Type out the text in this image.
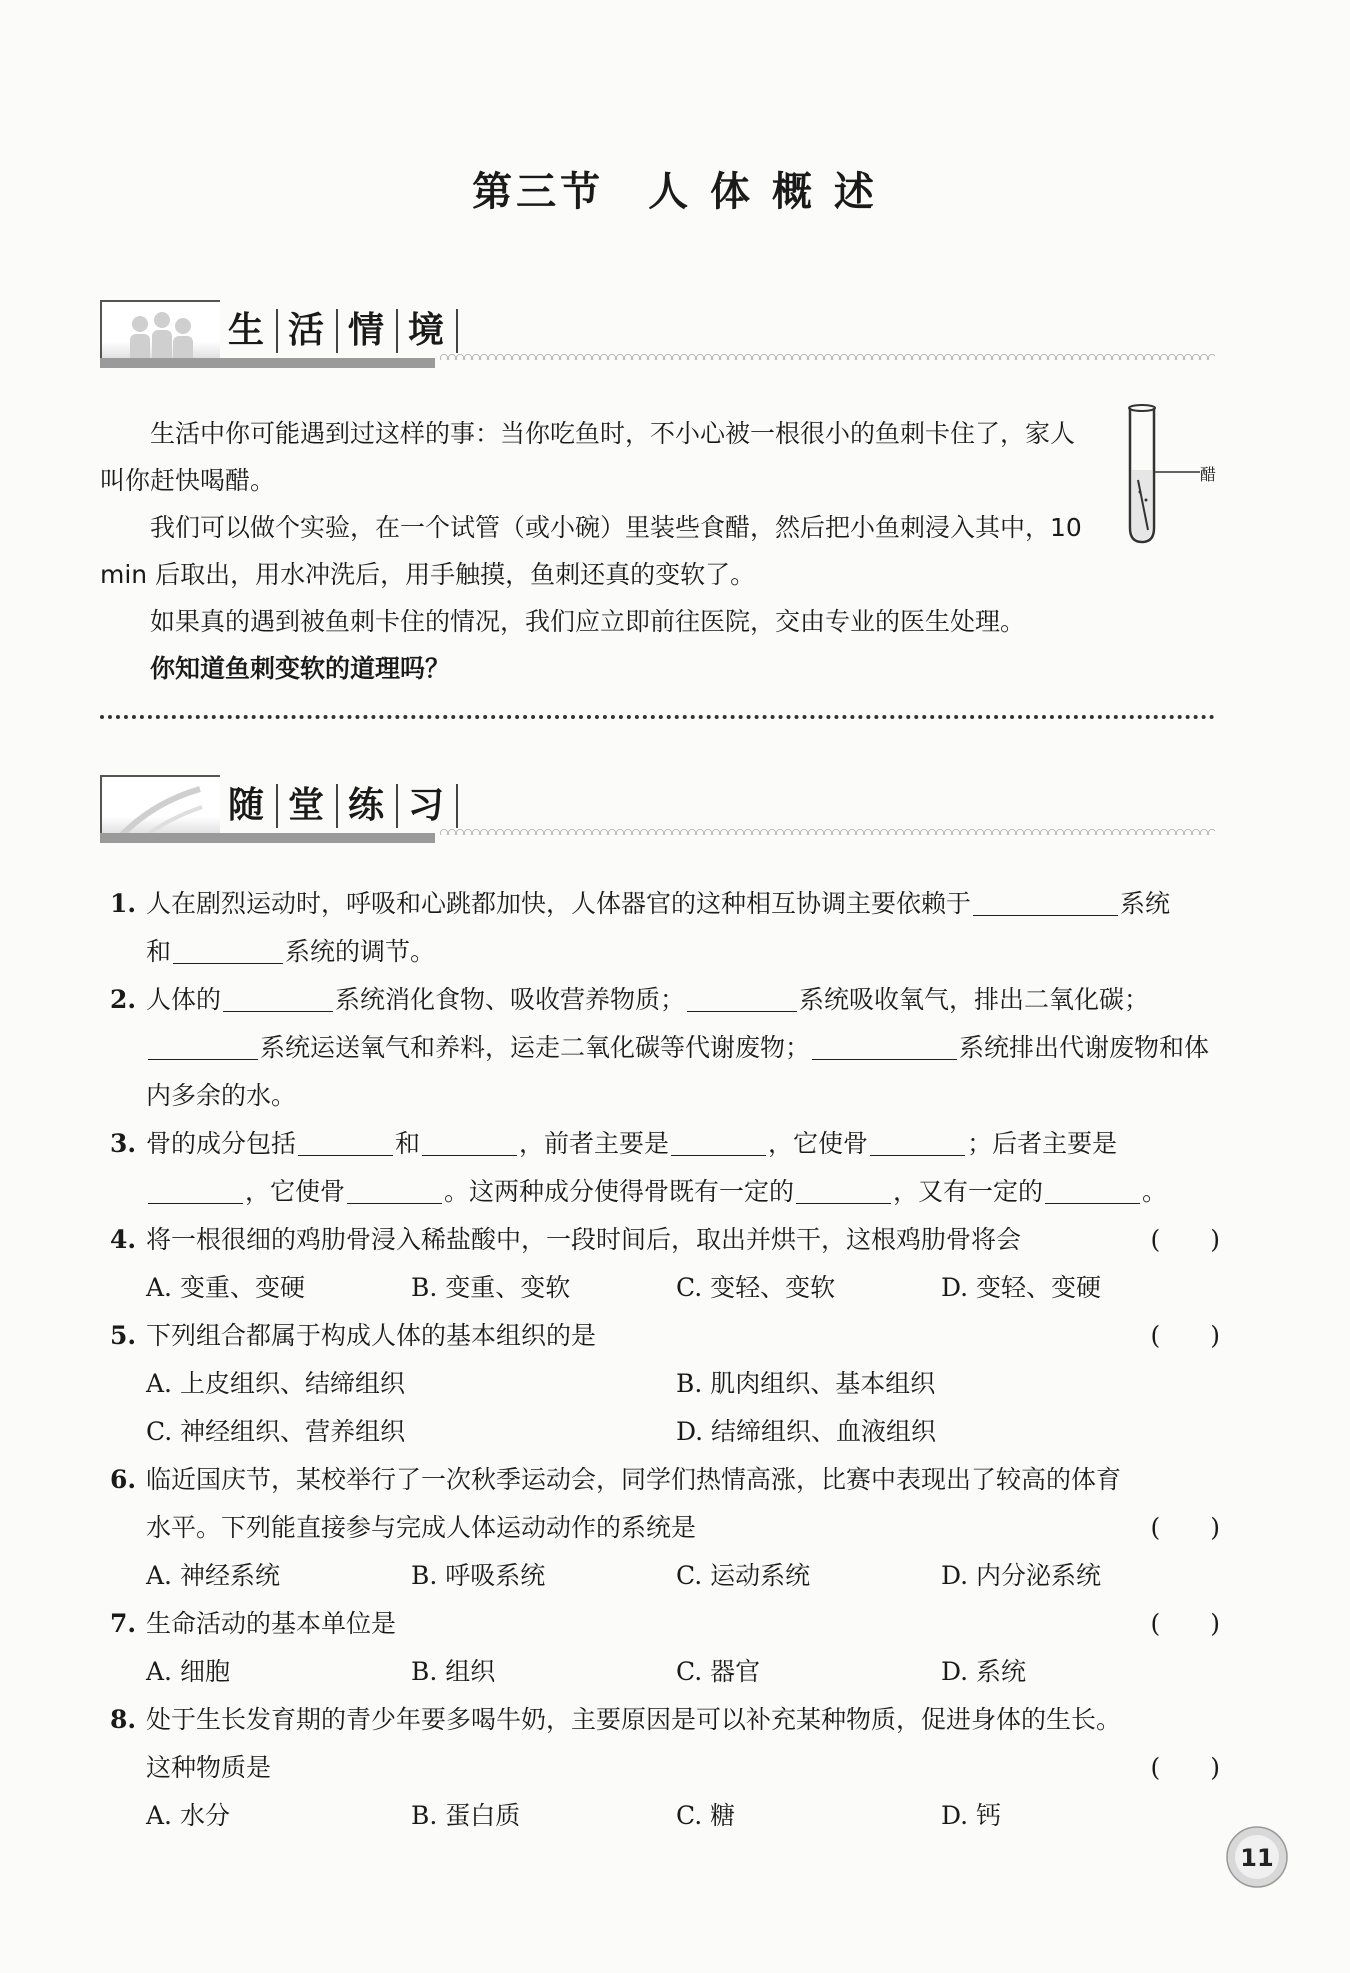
第三节　人 体 概 述
生 活 情 境

生活中你可能遇到过这样的事：当你吃鱼时，不小心被一根很小的鱼刺卡住了，家人叫你赶快喝醋。

我们可以做个实验，在一个试管（或小碗）里装些食醋，然后把小鱼刺浸入其中，10 min 后取出，用水冲洗后，用手触摸，鱼刺还真的变软了。

如果真的遇到被鱼刺卡住的情况，我们应立即前往医院，交由专业的医生处理。

你知道鱼刺变软的道理吗？

醋
随 堂 练 习
1. 人在剧烈运动时，呼吸和心跳都加快，人体器官的这种相互协调主要依赖于	系统
和	系统的调节。
2. 人体的	系统消化食物、吸收营养物质；	系统吸收氧气，排出二氧化碳；
系统运送氧气和养料，运走二氧化碳等代谢废物；	系统排出代谢废物和体内多余的水。
3. 骨的成分包括	和	，前者主要是	，它使骨	；后者主要是
，它使骨	。这两种成分使得骨既有一定的	，又有一定的	。
4. 将一根很细的鸡肋骨浸入稀盐酸中，一段时间后，取出并烘干，这根鸡肋骨将会	(　　)
A. 变重、变硬	B. 变重、变软	C. 变轻、变软	D. 变轻、变硬
5. 下列组合都属于构成人体的基本组织的是	(　　)
A. 上皮组织、结缔组织	B. 肌肉组织、基本组织
C. 神经组织、营养组织	D. 结缔组织、血液组织
6. 临近国庆节，某校举行了一次秋季运动会，同学们热情高涨，比赛中表现出了较高的体育
水平。下列能直接参与完成人体运动动作的系统是	(　　)
A. 神经系统	B. 呼吸系统	C. 运动系统	D. 内分泌系统
7. 生命活动的基本单位是	(　　)
A. 细胞	B. 组织	C. 器官	D. 系统
8. 处于生长发育期的青少年要多喝牛奶，主要原因是可以补充某种物质，促进身体的生长。
这种物质是	(　　)
A. 水分	B. 蛋白质	C. 糖	D. 钙
11
